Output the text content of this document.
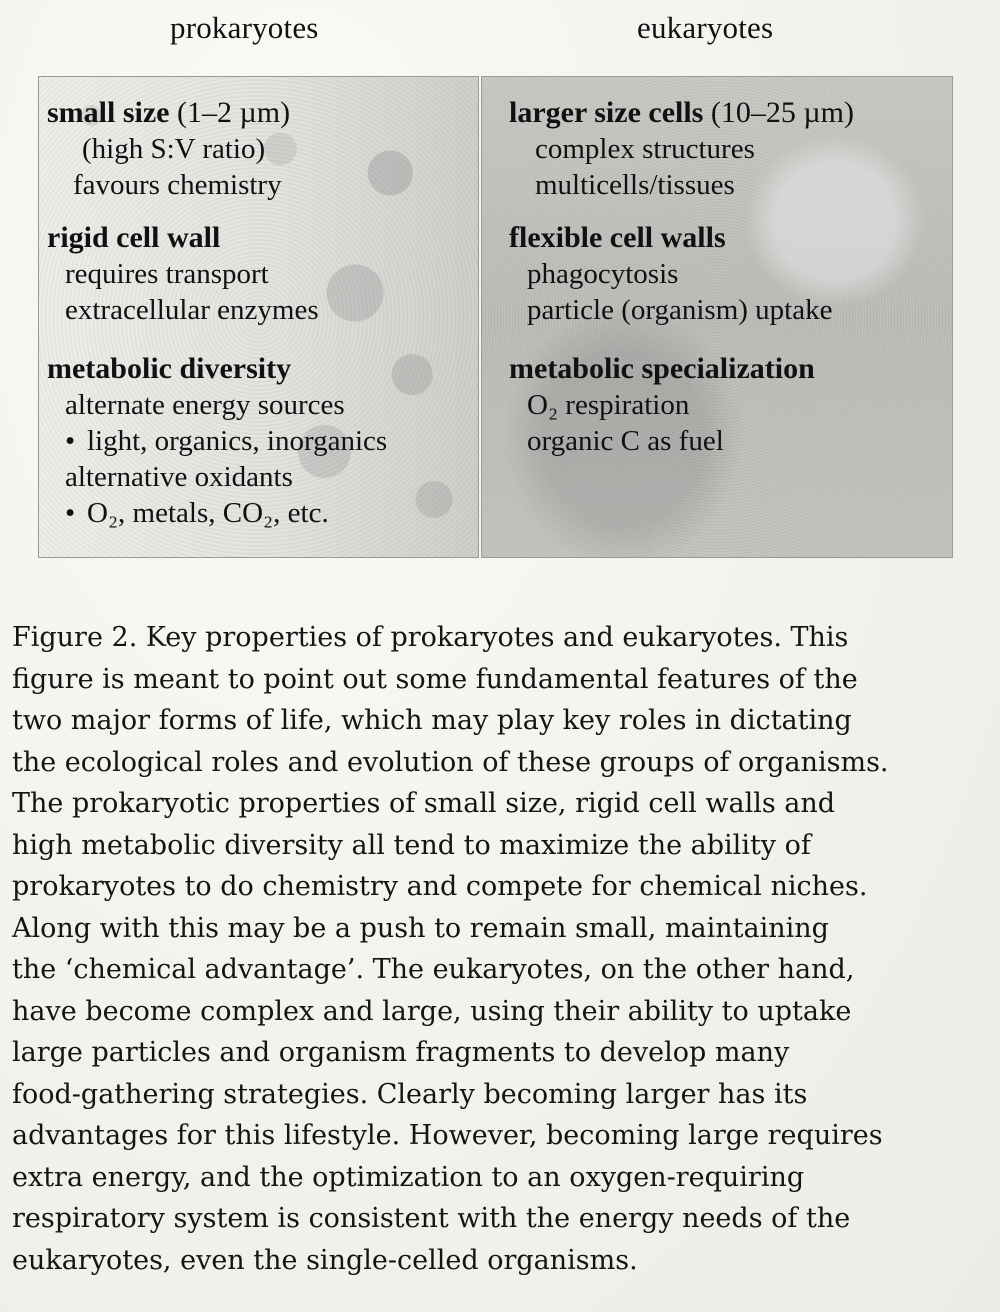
prokaryotes	eukaryotes
small size (1–2 µm)
(high S:V ratio)
favours chemistry
rigid cell wall
requires transport
extracellular enzymes
metabolic diversity
alternate energy sources
• light, organics, inorganics
alternative oxidants
• O₂, metals, CO₂, etc.
larger size cells (10–25 µm)
complex structures
multicells/tissues
flexible cell walls
phagocytosis
particle (organism) uptake
metabolic specialization
O₂ respiration
organic C as fuel
Figure 2. Key properties of prokaryotes and eukaryotes. This
figure is meant to point out some fundamental features of the
two major forms of life, which may play key roles in dictating
the ecological roles and evolution of these groups of organisms.
The prokaryotic properties of small size, rigid cell walls and
high metabolic diversity all tend to maximize the ability of
prokaryotes to do chemistry and compete for chemical niches.
Along with this may be a push to remain small, maintaining
the ‘chemical advantage’. The eukaryotes, on the other hand,
have become complex and large, using their ability to uptake
large particles and organism fragments to develop many
food-gathering strategies. Clearly becoming larger has its
advantages for this lifestyle. However, becoming large requires
extra energy, and the optimization to an oxygen-requiring
respiratory system is consistent with the energy needs of the
eukaryotes, even the single-celled organisms.
